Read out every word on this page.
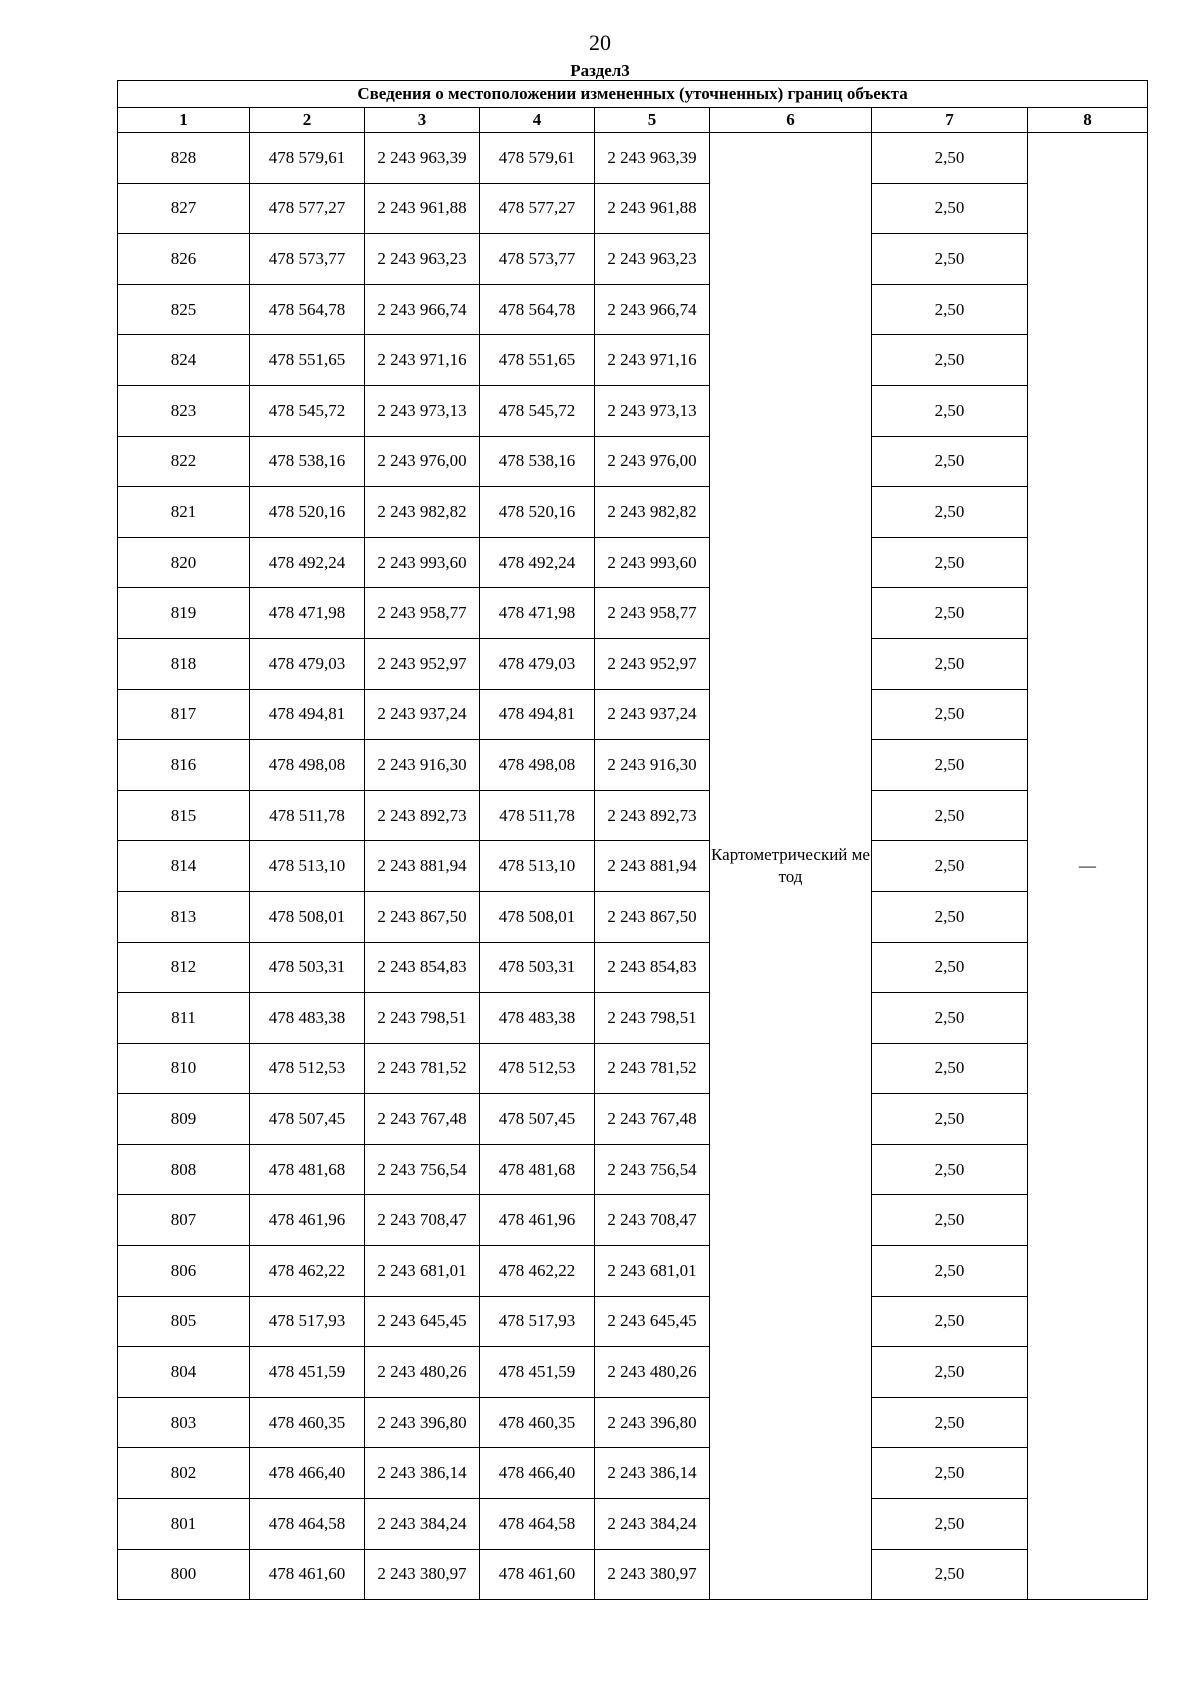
20
Раздел3
Сведения о местоположении измененных (уточненных) границ объекта							
1	2	3	4	5	6	7	8
828	478 579,61	2 243 963,39	478 579,61	2 243 963,39	Картометрический метод	2,50	—
827	478 577,27	2 243 961,88	478 577,27	2 243 961,88		2,50	
826	478 573,77	2 243 963,23	478 573,77	2 243 963,23		2,50	
825	478 564,78	2 243 966,74	478 564,78	2 243 966,74		2,50	
824	478 551,65	2 243 971,16	478 551,65	2 243 971,16		2,50	
823	478 545,72	2 243 973,13	478 545,72	2 243 973,13		2,50	
822	478 538,16	2 243 976,00	478 538,16	2 243 976,00		2,50	
821	478 520,16	2 243 982,82	478 520,16	2 243 982,82		2,50	
820	478 492,24	2 243 993,60	478 492,24	2 243 993,60		2,50	
819	478 471,98	2 243 958,77	478 471,98	2 243 958,77		2,50	
818	478 479,03	2 243 952,97	478 479,03	2 243 952,97		2,50	
817	478 494,81	2 243 937,24	478 494,81	2 243 937,24		2,50	
816	478 498,08	2 243 916,30	478 498,08	2 243 916,30		2,50	
815	478 511,78	2 243 892,73	478 511,78	2 243 892,73		2,50	
814	478 513,10	2 243 881,94	478 513,10	2 243 881,94		2,50	
813	478 508,01	2 243 867,50	478 508,01	2 243 867,50		2,50	
812	478 503,31	2 243 854,83	478 503,31	2 243 854,83		2,50	
811	478 483,38	2 243 798,51	478 483,38	2 243 798,51		2,50	
810	478 512,53	2 243 781,52	478 512,53	2 243 781,52		2,50	
809	478 507,45	2 243 767,48	478 507,45	2 243 767,48		2,50	
808	478 481,68	2 243 756,54	478 481,68	2 243 756,54		2,50	
807	478 461,96	2 243 708,47	478 461,96	2 243 708,47		2,50	
806	478 462,22	2 243 681,01	478 462,22	2 243 681,01		2,50	
805	478 517,93	2 243 645,45	478 517,93	2 243 645,45		2,50	
804	478 451,59	2 243 480,26	478 451,59	2 243 480,26		2,50	
803	478 460,35	2 243 396,80	478 460,35	2 243 396,80		2,50	
802	478 466,40	2 243 386,14	478 466,40	2 243 386,14		2,50	
801	478 464,58	2 243 384,24	478 464,58	2 243 384,24		2,50	
800	478 461,60	2 243 380,97	478 461,60	2 243 380,97		2,50	
